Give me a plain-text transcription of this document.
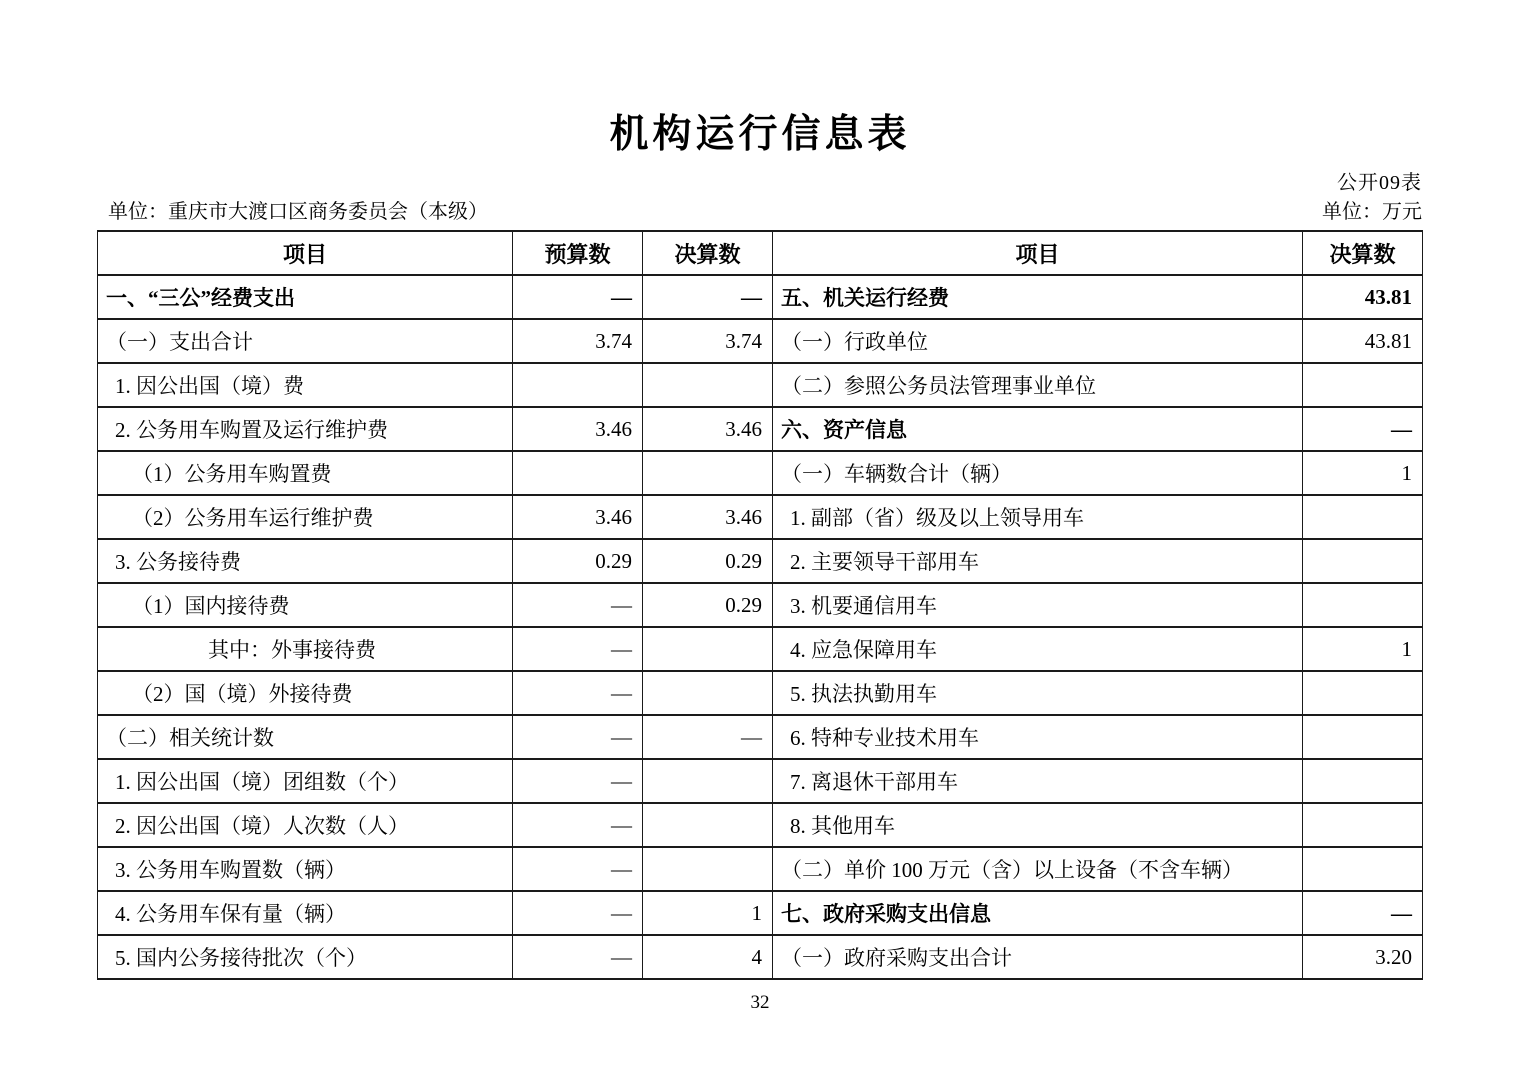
机构运行信息表
公开09表
单位：重庆市大渡口区商务委员会（本级）	单位：万元
项目	预算数	决算数	项目	决算数
一、“三公”经费支出	—	—	五、机关运行经费	43.81
（一）支出合计	3.74	3.74	（一）行政单位	43.81
1. 因公出国（境）费			（二）参照公务员法管理事业单位	
2. 公务用车购置及运行维护费	3.46	3.46	六、资产信息	—
（1）公务用车购置费			（一）车辆数合计（辆）	1
（2）公务用车运行维护费	3.46	3.46	1. 副部（省）级及以上领导用车	
3. 公务接待费	0.29	0.29	2. 主要领导干部用车	
（1）国内接待费	—	0.29	3. 机要通信用车	
其中：外事接待费	—		4. 应急保障用车	1
（2）国（境）外接待费	—		5. 执法执勤用车	
（二）相关统计数	—	—	6. 特种专业技术用车	
1. 因公出国（境）团组数（个）	—		7. 离退休干部用车	
2. 因公出国（境）人次数（人）	—		8. 其他用车	
3. 公务用车购置数（辆）	—		（二）单价 100 万元（含）以上设备（不含车辆）	
4. 公务用车保有量（辆）	—	1	七、政府采购支出信息	—
5. 国内公务接待批次（个）	—	4	（一）政府采购支出合计	3.20
32
